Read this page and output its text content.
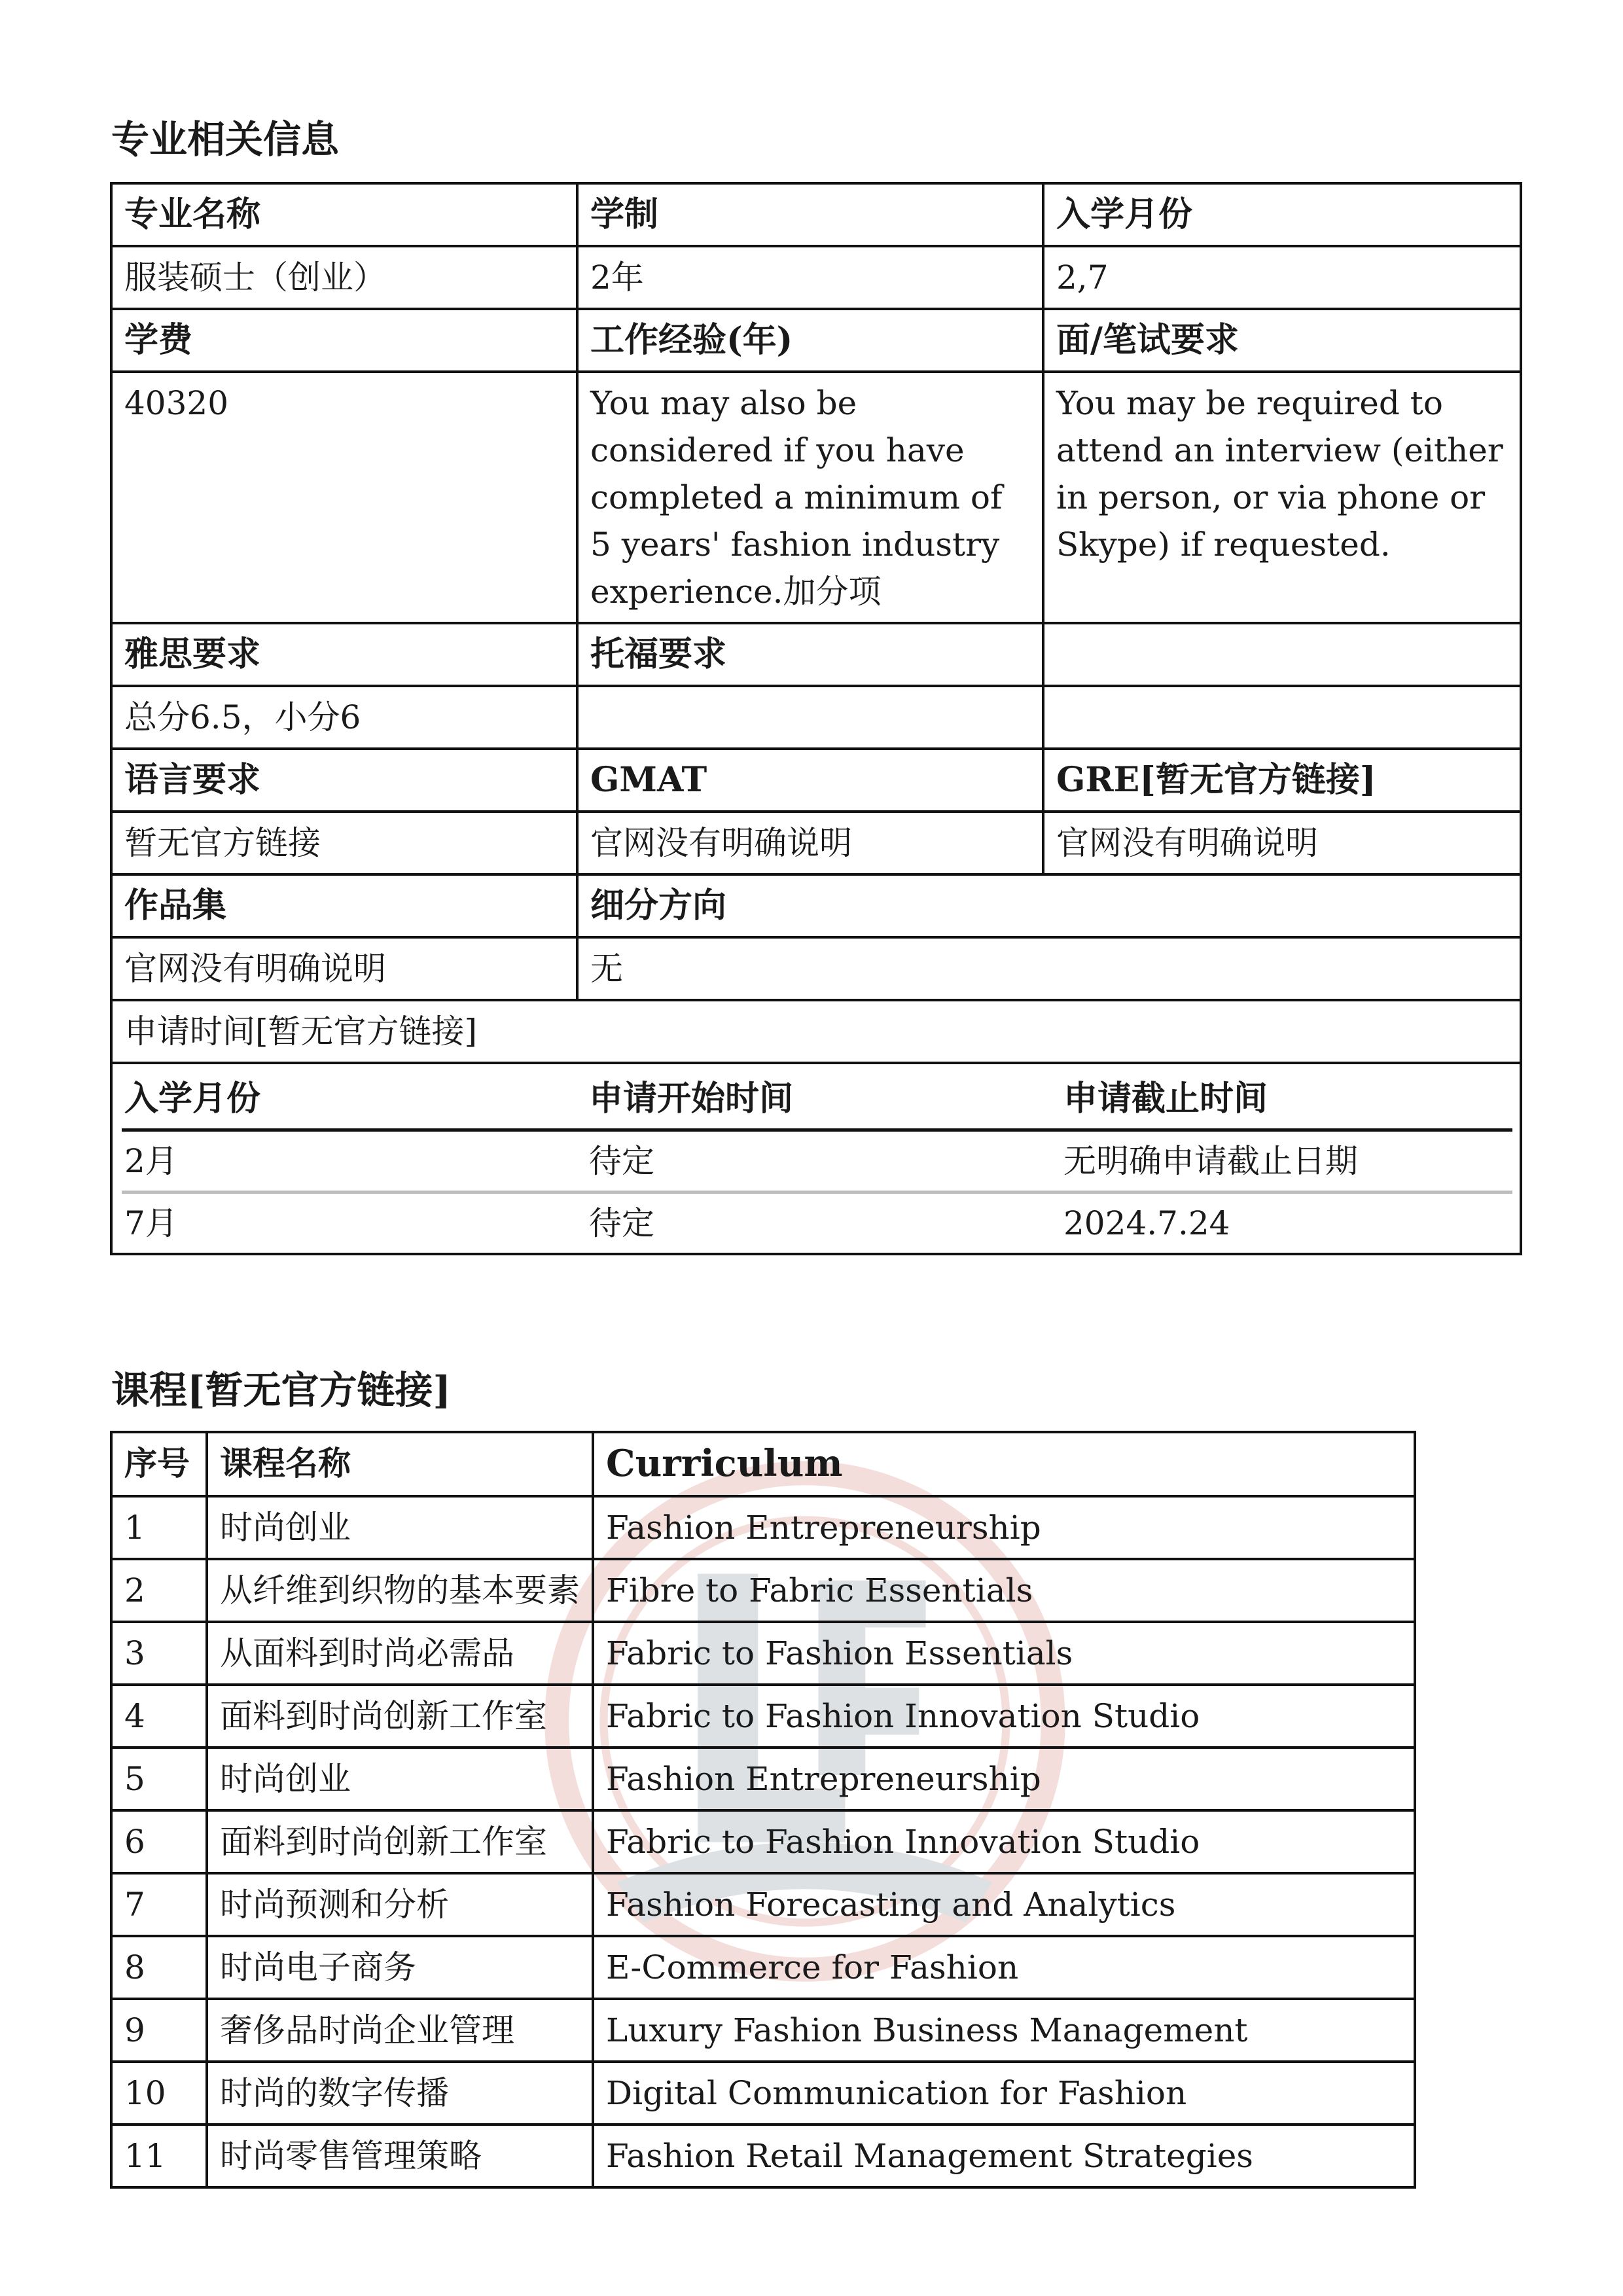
专业相关信息
专业名称	学制	入学月份
服装硕士（创业）	2年	2,7
学费	工作经验(年)	面/笔试要求
40320	You may also be considered if you have completed a minimum of 5 years' fashion industry experience.加分项	You may be required to attend an interview (either in person, or via phone or Skype) if requested.
雅思要求	托福要求	
总分6.5，小分6		
语言要求	GMAT	GRE[暂无官方链接]
暂无官方链接	官网没有明确说明	官网没有明确说明
作品集	细分方向
官网没有明确说明	无
申请时间[暂无官方链接]

入学月份	申请开始时间	申请截止时间
2月	待定	无明确申请截止日期
7月	待定	2024.7.24
课程[暂无官方链接]
序号	课程名称	Curriculum
1	时尚创业	Fashion Entrepreneurship
2	从纤维到织物的基本要素	Fibre to Fabric Essentials
3	从面料到时尚必需品	Fabric to Fashion Essentials
4	面料到时尚创新工作室	Fabric to Fashion Innovation Studio
5	时尚创业	Fashion Entrepreneurship
6	面料到时尚创新工作室	Fabric to Fashion Innovation Studio
7	时尚预测和分析	Fashion Forecasting and Analytics
8	时尚电子商务	E-Commerce for Fashion
9	奢侈品时尚企业管理	Luxury Fashion Business Management
10	时尚的数字传播	Digital Communication for Fashion
11	时尚零售管理策略	Fashion Retail Management Strategies
